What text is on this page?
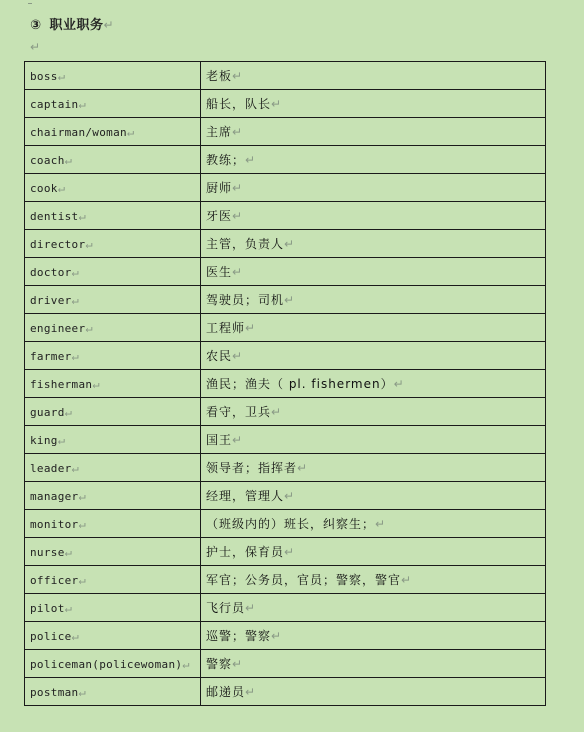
③ 职业职务↵
↵
boss↵	老板↵
captain↵	船长，队长↵
chairman/woman↵	主席↵
coach↵	教练；↵
cook↵	厨师↵
dentist↵	牙医↵
director↵	主管，负责人↵
doctor↵	医生↵
driver↵	驾驶员；司机↵
engineer↵	工程师↵
farmer↵	农民↵
fisherman↵	渔民；渔夫（ pl. fishermen）↵
guard↵	看守，卫兵↵
king↵	国王↵
leader↵	领导者；指挥者↵
manager↵	经理，管理人↵
monitor↵	（班级内的）班长，纠察生；↵
nurse↵	护士，保育员↵
officer↵	军官；公务员，官员；警察，警官↵
pilot↵	飞行员↵
police↵	巡警；警察↵
policeman(policewoman)↵	警察↵
postman↵	邮递员↵
